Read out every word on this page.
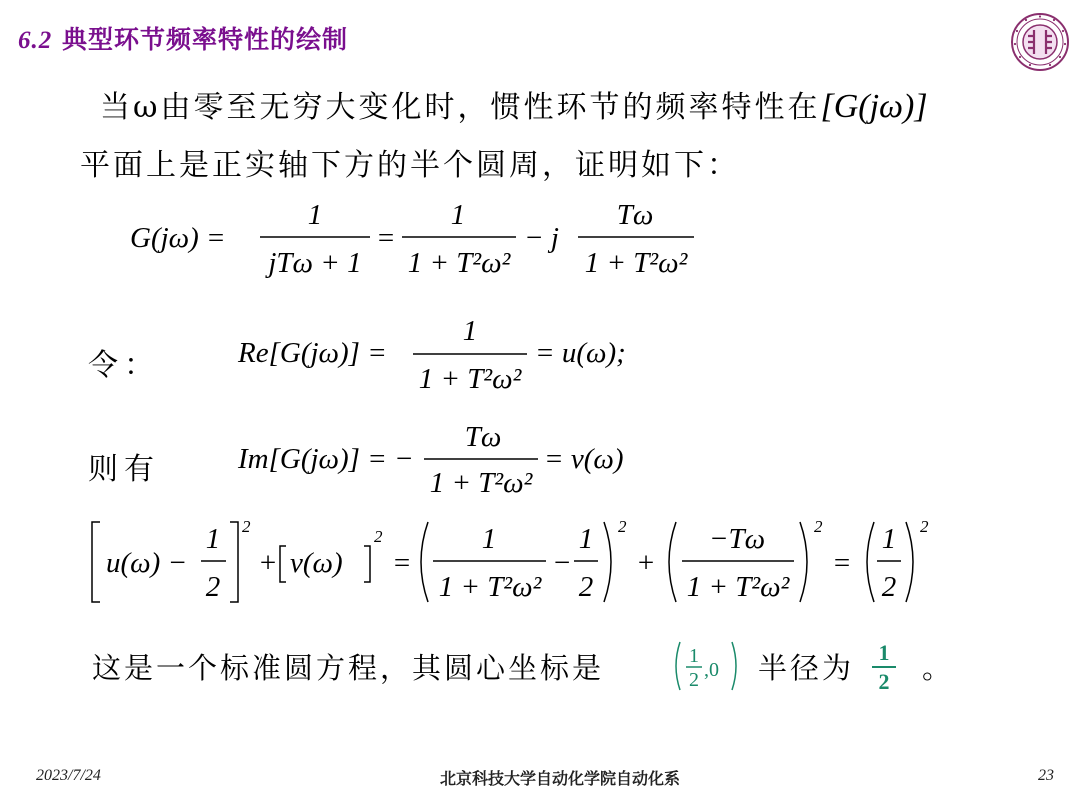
6.2 典型环节频率特性的绘制
当ω由零至无穷大变化时，惯性环节的频率特性在[G(jω)]
平面上是正实轴下方的半个圆周，证明如下：
G(jω) =
1
jTω + 1
=
1
1 + T²ω²
− j
Tω
1 + T²ω²
令：	Re[G(jω)] =
1
1 + T²ω²
= u(ω);
则有	Im[G(jω)] = −
Tω
1 + T²ω²
= v(ω)
u(ω) −
1
2
2
+ v(ω)
2
=
1
1 + T²ω²
−
1
2
2
+
−Tω
1 + T²ω²
2
=
1
2
2
这是一个标准圆方程，其圆心坐标是	1
2 ,0 半径为 1
2 。
2023/7/24	北京科技大学自动化学院自动化系	23
